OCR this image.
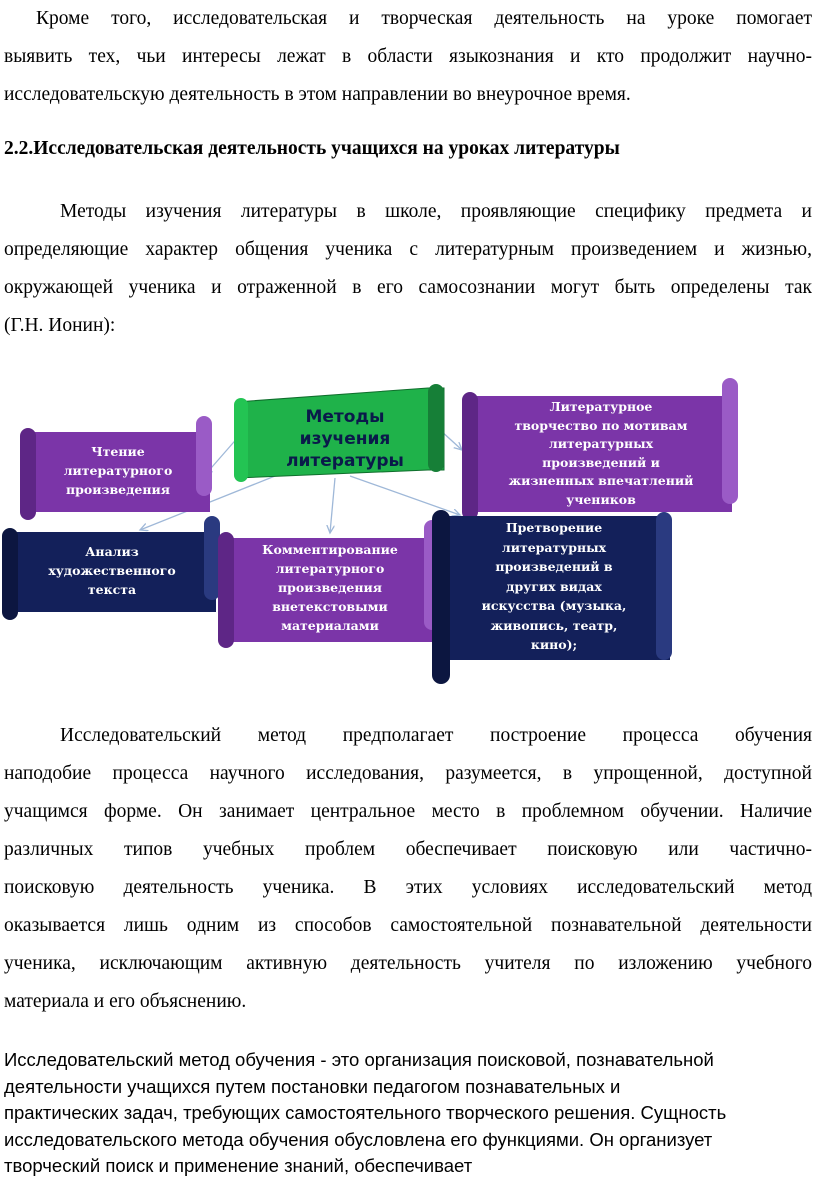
Кроме того, исследовательская и творческая деятельность на уроке помогает
выявить тех, чьи интересы лежат в области языкознания и кто продолжит научно-
исследовательскую деятельность в этом направлении во внеурочное время.
2.2.Исследовательская деятельность учащихся на уроках литературы
Методы изучения литературы в школе, проявляющие специфику предмета и
определяющие характер общения ученика с литературным произведением и жизнью,
окружающей ученика и отраженной в его самосознании могут быть определены так
(Г.Н. Ионин):
Методы
изучения
литературы
Чтение
литературного
произведения
Литературное
творчество по мотивам
литературных
произведений и
жизненных впечатлений
учеников
Анализ
художественного
текста
Комментирование
литературного
произведения
внетекстовыми
материалами
Претворение
литературных
произведений в
других видах
искусства (музыка,
живопись, театр,
кино);
Исследовательский метод предполагает построение процесса обучения
наподобие процесса научного исследования, разумеется, в упрощенной, доступной
учащимся форме. Он занимает центральное место в проблемном обучении. Наличие
различных типов учебных проблем обеспечивает поисковую или частично-
поисковую деятельность ученика. В этих условиях исследовательский метод
оказывается лишь одним из способов самостоятельной познавательной деятельности
ученика, исключающим активную деятельность учителя по изложению учебного
материала и его объяснению.
Исследовательский метод обучения - это организация поисковой, познавательной
деятельности учащихся путем постановки педагогом познавательных и
практических задач, требующих самостоятельного творческого решения. Сущность
исследовательского метода обучения обусловлена его функциями. Он организует
творческий поиск и применение знаний, обеспечивает
